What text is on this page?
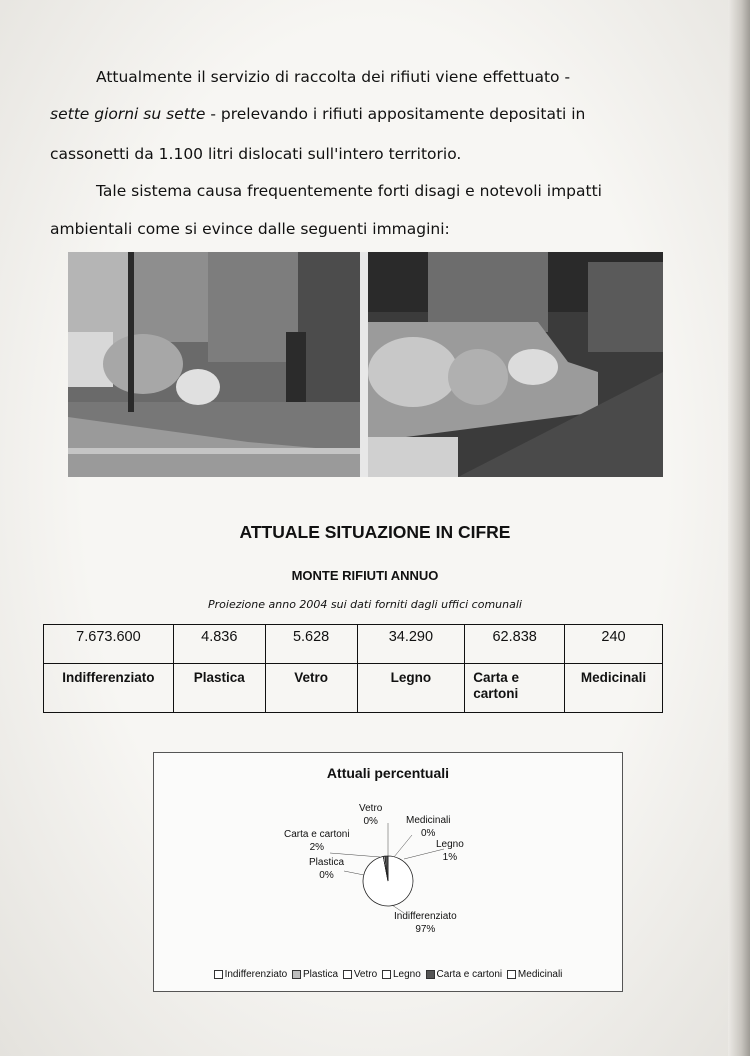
Attualmente il servizio di raccolta dei rifiuti viene effettuato -
sette giorni su sette - prelevando i rifiuti appositamente depositati in
cassonetti da 1.100 litri dislocati sull'intero territorio.
Tale sistema causa frequentemente forti disagi e notevoli impatti
ambientali come si evince dalle seguenti immagini:
ATTUALE SITUAZIONE IN CIFRE
MONTE RIFIUTI ANNUO
Proiezione anno 2004 sui dati forniti dagli uffici comunali
7.673.600	4.836	5.628	34.290	62.838	240
Indifferenziato	Plastica	Vetro	Legno	Carta e cartoni	Medicinali
Attuali percentuali
Vetro
0%	Medicinali
0%
Carta e cartoni
2%	Legno
1%
Plastica
0%
Indifferenziato
97%
Indifferenziato Plastica Vetro Legno Carta e cartoni Medicinali
